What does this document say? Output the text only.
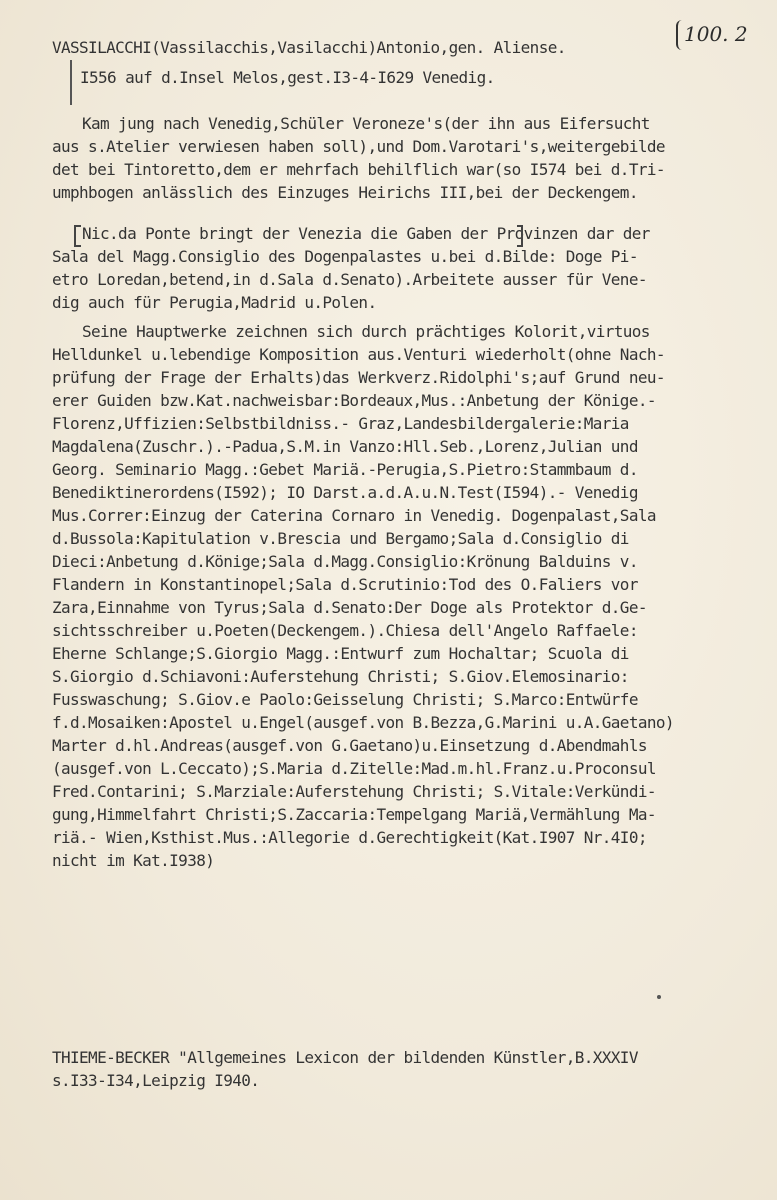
100. 2
VASSILACCHI(Vassilacchis,Vasilacchi)Antonio,gen. Aliense.
I556 auf d.Insel Melos,gest.I3-4-I629 Venedig.
Kam jung nach Venedig,Schüler Veroneze's(der ihn aus Eifersucht
aus s.Atelier verwiesen haben soll),und Dom.Varotari's,weitergebilde
det bei Tintoretto,dem er mehrfach behilflich war(so I574 bei d.Tri-
umphbogen anlässlich des Einzuges Heirichs III,bei der Deckengem.
Nic.da Ponte bringt der Venezia die Gaben der Provinzen dar der
Sala del Magg.Consiglio des Dogenpalastes u.bei d.Bilde: Doge Pi-
etro Loredan,betend,in d.Sala d.Senato).Arbeitete ausser für Vene-
dig auch für Perugia,Madrid u.Polen.
Seine Hauptwerke zeichnen sich durch prächtiges Kolorit,virtuos
Helldunkel u.lebendige Komposition aus.Venturi wiederholt(ohne Nach-
prüfung der Frage der Erhalts)das Werkverz.Ridolphi's;auf Grund neu-
erer Guiden bzw.Kat.nachweisbar:Bordeaux,Mus.:Anbetung der Könige.-
Florenz,Uffizien:Selbstbildniss.- Graz,Landesbildergalerie:Maria
Magdalena(Zuschr.).-Padua,S.M.in Vanzo:Hll.Seb.,Lorenz,Julian und
Georg. Seminario Magg.:Gebet Mariä.-Perugia,S.Pietro:Stammbaum d.
Benediktinerordens(I592); IO Darst.a.d.A.u.N.Test(I594).- Venedig
Mus.Correr:Einzug der Caterina Cornaro in Venedig. Dogenpalast,Sala
d.Bussola:Kapitulation v.Brescia und Bergamo;Sala d.Consiglio di
Dieci:Anbetung d.Könige;Sala d.Magg.Consiglio:Krönung Balduins v.
Flandern in Konstantinopel;Sala d.Scrutinio:Tod des O.Faliers vor
Zara,Einnahme von Tyrus;Sala d.Senato:Der Doge als Protektor d.Ge-
sichtsschreiber u.Poeten(Deckengem.).Chiesa dell'Angelo Raffaele:
Eherne Schlange;S.Giorgio Magg.:Entwurf zum Hochaltar; Scuola di
S.Giorgio d.Schiavoni:Auferstehung Christi; S.Giov.Elemosinario:
Fusswaschung; S.Giov.e Paolo:Geisselung Christi; S.Marco:Entwürfe
f.d.Mosaiken:Apostel u.Engel(ausgef.von B.Bezza,G.Marini u.A.Gaetano)
Marter d.hl.Andreas(ausgef.von G.Gaetano)u.Einsetzung d.Abendmahls
(ausgef.von L.Ceccato);S.Maria d.Zitelle:Mad.m.hl.Franz.u.Proconsul
Fred.Contarini; S.Marziale:Auferstehung Christi; S.Vitale:Verkündi-
gung,Himmelfahrt Christi;S.Zaccaria:Tempelgang Mariä,Vermählung Ma-
riä.- Wien,Ksthist.Mus.:Allegorie d.Gerechtigkeit(Kat.I907 Nr.4I0;
nicht im Kat.I938)
THIEME-BECKER "Allgemeines Lexicon der bildenden Künstler,B.XXXIV
s.I33-I34,Leipzig I940.
